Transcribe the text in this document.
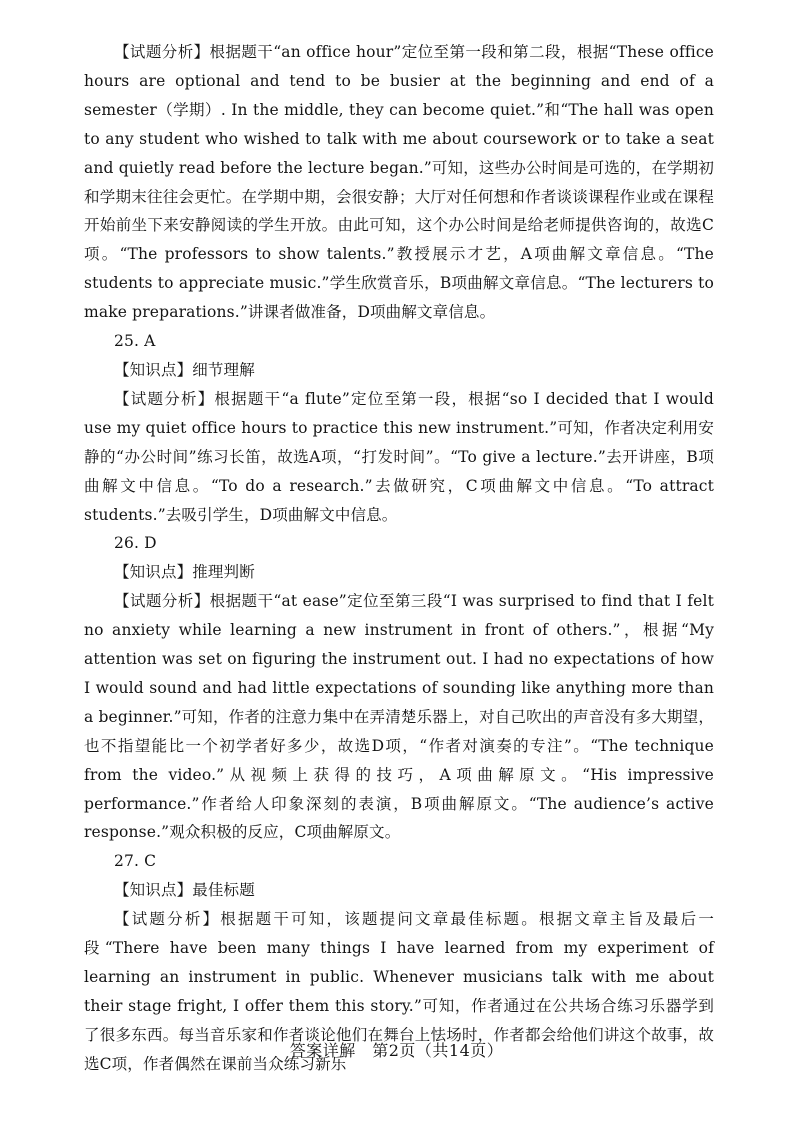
【试题分析】根据题干“an office hour”定位至第一段和第二段，根据“These office hours are optional and tend to be busier at the beginning and end of a semester（学期）. In the middle, they can become quiet.”和“The hall was open to any student who wished to talk with me about coursework or to take a seat and quietly read before the lecture began.”可知，这些办公时间是可选的，在学期初和学期末往往会更忙。在学期中期，会很安静；大厅对任何想和作者谈谈课程作业或在课程开始前坐下来安静阅读的学生开放。由此可知，这个办公时间是给老师提供咨询的，故选C项。“The professors to show talents.”教授展示才艺，A项曲解文章信息。“The students to appreciate music.”学生欣赏音乐，B项曲解文章信息。“The lecturers to make preparations.”讲课者做准备，D项曲解文章信息。

25. A

【知识点】细节理解

【试题分析】根据题干“a flute”定位至第一段，根据“so I decided that I would use my quiet office hours to practice this new instrument.”可知，作者决定利用安静的“办公时间”练习长笛，故选A项，“打发时间”。“To give a lecture.”去开讲座，B项曲解文中信息。“To do a research.”去做研究，C项曲解文中信息。“To attract students.”去吸引学生，D项曲解文中信息。

26. D

【知识点】推理判断

【试题分析】根据题干“at ease”定位至第三段“I was surprised to find that I felt no anxiety while learning a new instrument in front of others.”，根据“My attention was set on figuring the instrument out. I had no expectations of how I would sound and had little expectations of sounding like anything more than a beginner.”可知，作者的注意力集中在弄清楚乐器上，对自己吹出的声音没有多大期望，也不指望能比一个初学者好多少，故选D项，“作者对演奏的专注”。“The technique from the video.”从视频上获得的技巧，A项曲解原文。“His impressive performance.”作者给人印象深刻的表演，B项曲解原文。“The audience’s active response.”观众积极的反应，C项曲解原文。

27. C

【知识点】最佳标题

【试题分析】根据题干可知，该题提问文章最佳标题。根据文章主旨及最后一段“There have been many things I have learned from my experiment of learning an instrument in public. Whenever musicians talk with me about their stage fright, I offer them this story.”可知，作者通过在公共场合练习乐器学到了很多东西。每当音乐家和作者谈论他们在舞台上怯场时，作者都会给他们讲这个故事，故选C项，作者偶然在课前当众练习新乐

答案详解　第2页（共14页）
